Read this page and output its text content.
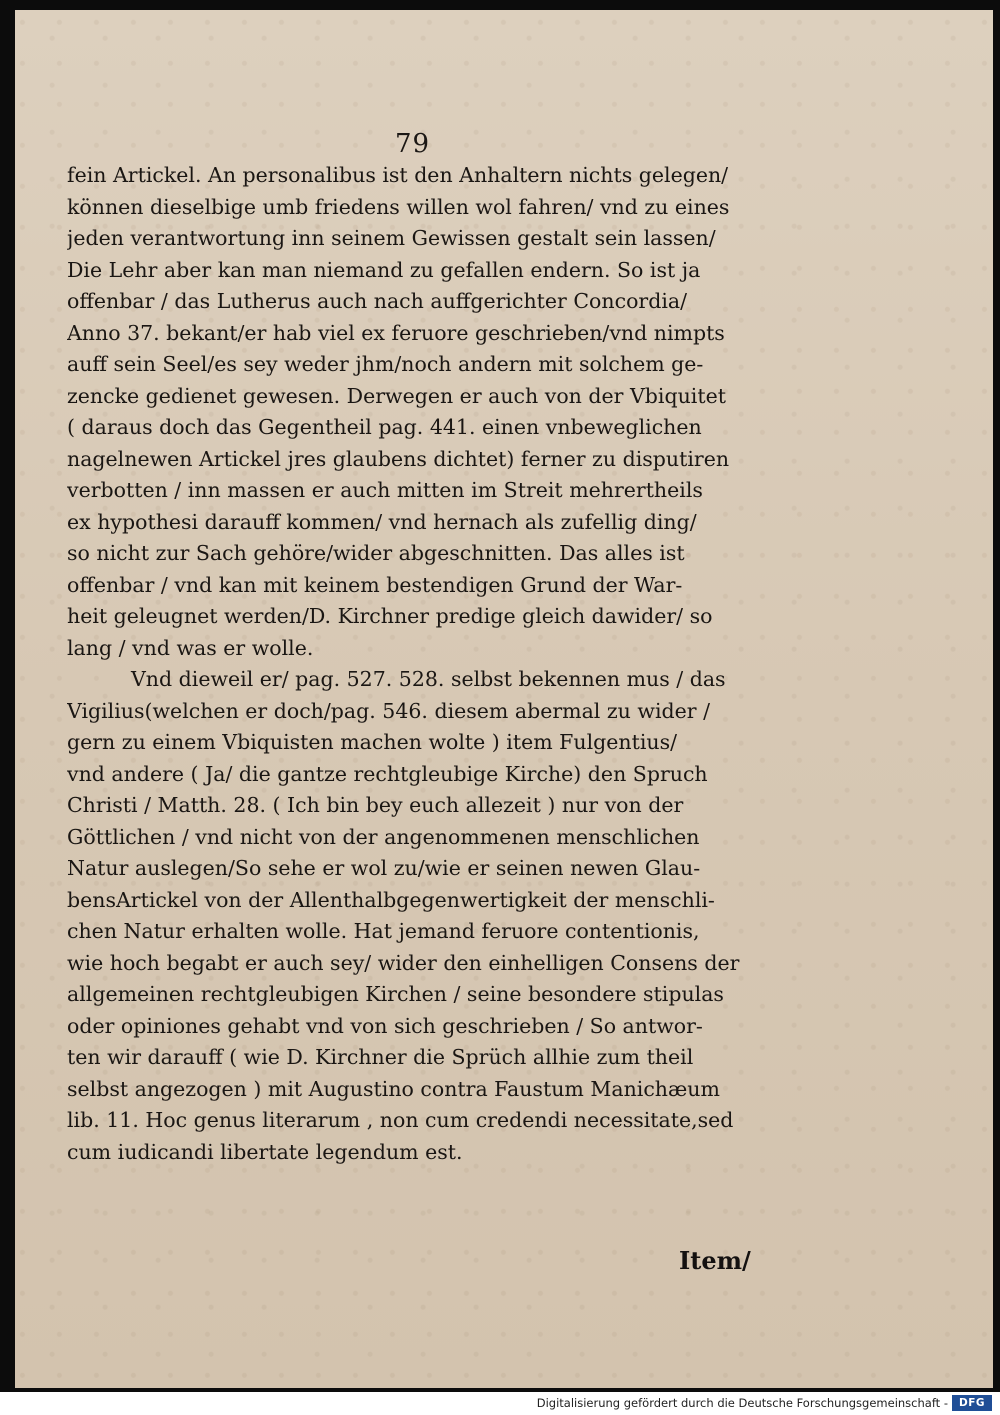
79
fein Artickel. An personalibus ist den Anhaltern nichts gelegen/
können dieselbige umb friedens willen wol fahren/ vnd zu eines
jeden verantwortung inn seinem Gewissen gestalt sein lassen/
Die Lehr aber kan man niemand zu gefallen endern. So ist ja
offenbar / das Lutherus auch nach auffgerichter Concordia/
Anno 37. bekant/er hab viel ex feruore geschrieben/vnd nimpts
auff sein Seel/es sey weder jhm/noch andern mit solchem ge-
zencke gedienet gewesen. Derwegen er auch von der Vbiquitet
( daraus doch das Gegentheil pag. 441. einen vnbeweglichen
nagelnewen Artickel jres glaubens dichtet) ferner zu disputiren
verbotten / inn massen er auch mitten im Streit mehrertheils
ex hypothesi darauff kommen/ vnd hernach als zufellig ding/
so nicht zur Sach gehöre/wider abgeschnitten. Das alles ist
offenbar / vnd kan mit keinem bestendigen Grund der War-
heit geleugnet werden/D. Kirchner predige gleich dawider/ so
lang / vnd was er wolle.
Vnd dieweil er/ pag. 527. 528. selbst bekennen mus / das
Vigilius(welchen er doch/pag. 546. diesem abermal zu wider /
gern zu einem Vbiquisten machen wolte ) item Fulgentius/
vnd andere ( Ja/ die gantze rechtgleubige Kirche) den Spruch
Christi / Matth. 28. ( Ich bin bey euch allezeit ) nur von der
Göttlichen / vnd nicht von der angenommenen menschlichen
Natur auslegen/So sehe er wol zu/wie er seinen newen Glau-
bensArtickel von der Allenthalbgegenwertigkeit der menschli-
chen Natur erhalten wolle. Hat jemand feruore contentionis,
wie hoch begabt er auch sey/ wider den einhelligen Consens der
allgemeinen rechtgleubigen Kirchen / seine besondere stipulas
oder opiniones gehabt vnd von sich geschrieben / So antwor-
ten wir darauff ( wie D. Kirchner die Sprüch allhie zum theil
selbst angezogen ) mit Augustino contra Faustum Manichæum
lib. 11. Hoc genus literarum , non cum credendi necessitate,sed
cum iudicandi libertate legendum est.
Item/
Digitalisierung gefördert durch die Deutsche Forschungsgemeinschaft -	DFG
